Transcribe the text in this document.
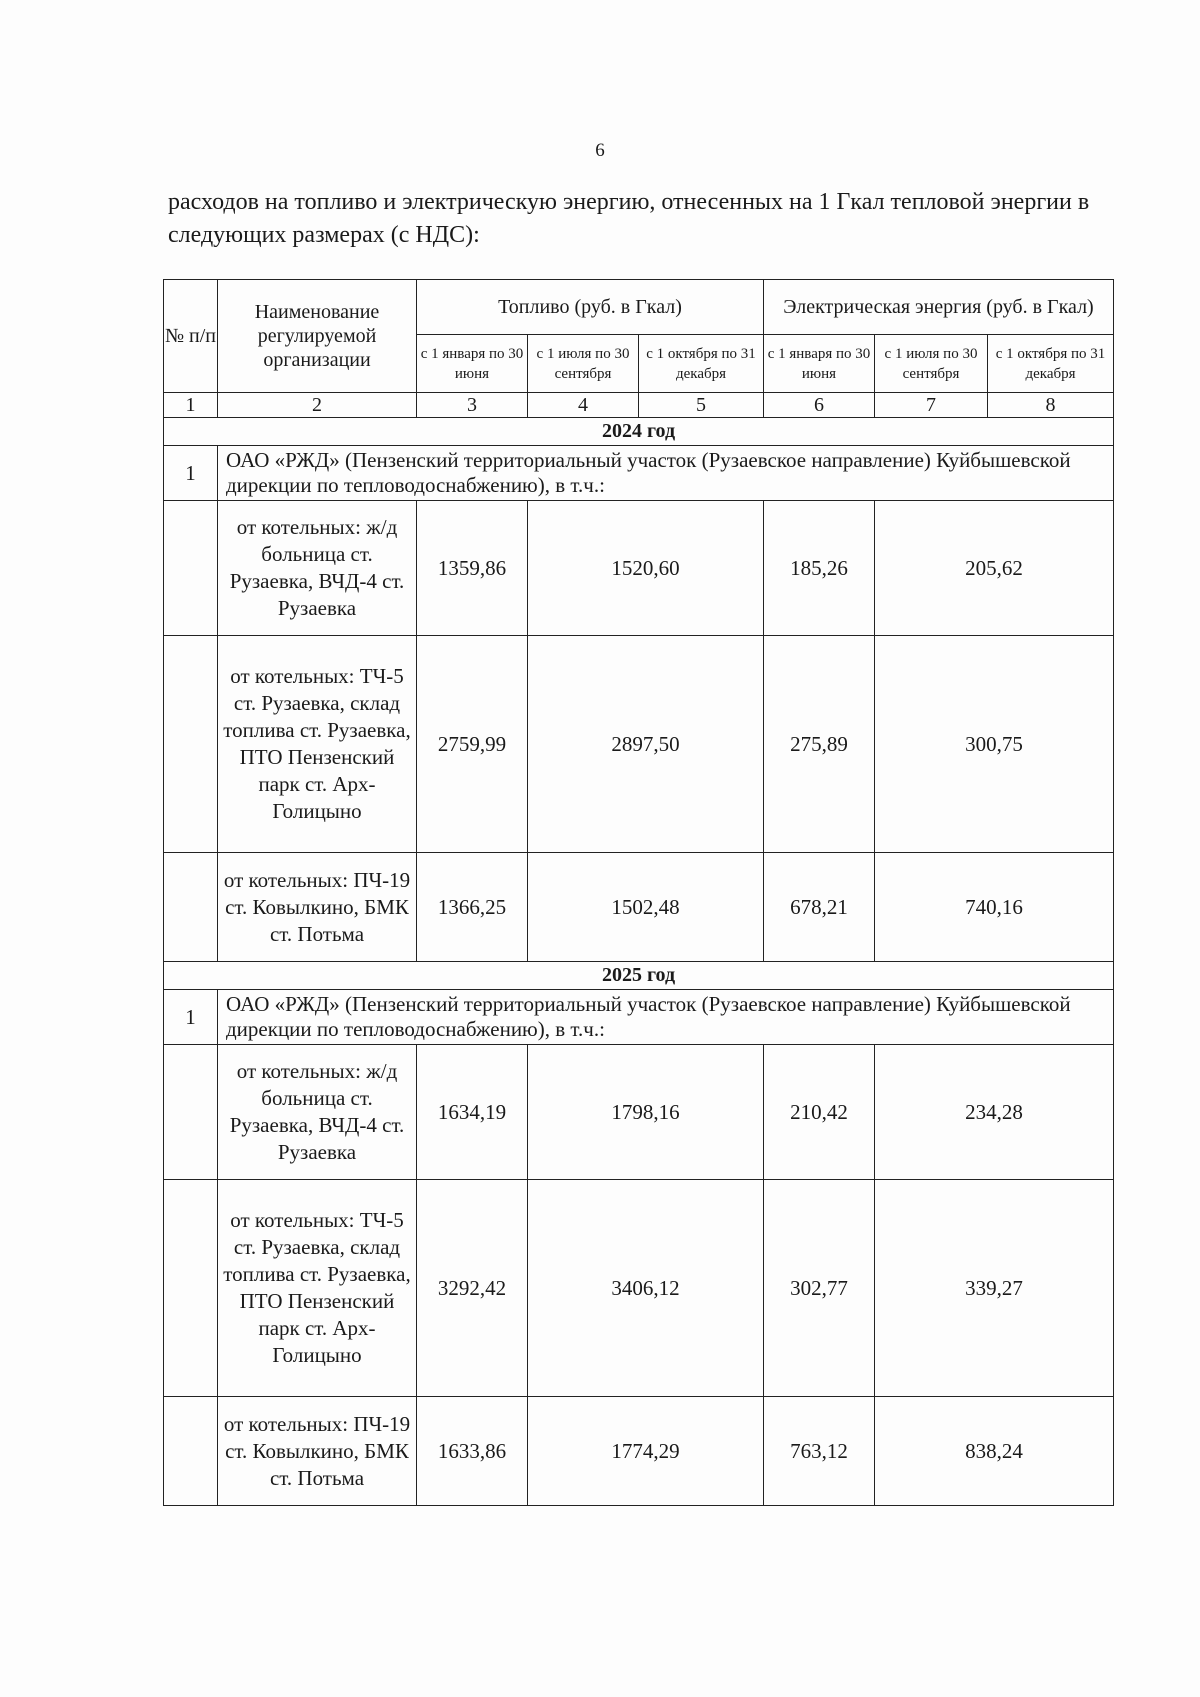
6

расходов на топливо и электрическую энергию, отнесенных на 1 Гкал тепловой энергии в следующих размерах (с НДС):

№ п/п	Наименование регулируемой организации	Топливо (руб. в Гкал)			Электрическая энергия (руб. в Гкал)		
		с 1 января по 30 июня	с 1 июля по 30 сентября	с 1 октября по 31 декабря	с 1 января по 30 июня	с 1 июля по 30 сентября	с 1 октября по 31 декабря
1	2	3	4	5	6	7	8
2024 год							
1	ОАО «РЖД» (Пензенский территориальный участок (Рузаевское направление) Куйбышевской дирекции по тепловодоснабжению), в т.ч.:						
	от котельных: ж/д больница ст. Рузаевка, ВЧД-4 ст. Рузаевка	1359,86	1520,60		185,26	205,62	
	от котельных: ТЧ-5 ст. Рузаевка, склад топлива ст. Рузаевка, ПТО Пензенский парк ст. Арх-Голицыно	2759,99	2897,50		275,89	300,75	
	от котельных: ПЧ-19 ст. Ковылкино, БМК ст. Потьма	1366,25	1502,48		678,21	740,16	
2025 год							
1	ОАО «РЖД» (Пензенский территориальный участок (Рузаевское направление) Куйбышевской дирекции по тепловодоснабжению), в т.ч.:						
	от котельных: ж/д больница ст. Рузаевка, ВЧД-4 ст. Рузаевка	1634,19	1798,16		210,42	234,28	
	от котельных: ТЧ-5 ст. Рузаевка, склад топлива ст. Рузаевка, ПТО Пензенский парк ст. Арх-Голицыно	3292,42	3406,12		302,77	339,27	
	от котельных: ПЧ-19 ст. Ковылкино, БМК ст. Потьма	1633,86	1774,29		763,12	838,24	
